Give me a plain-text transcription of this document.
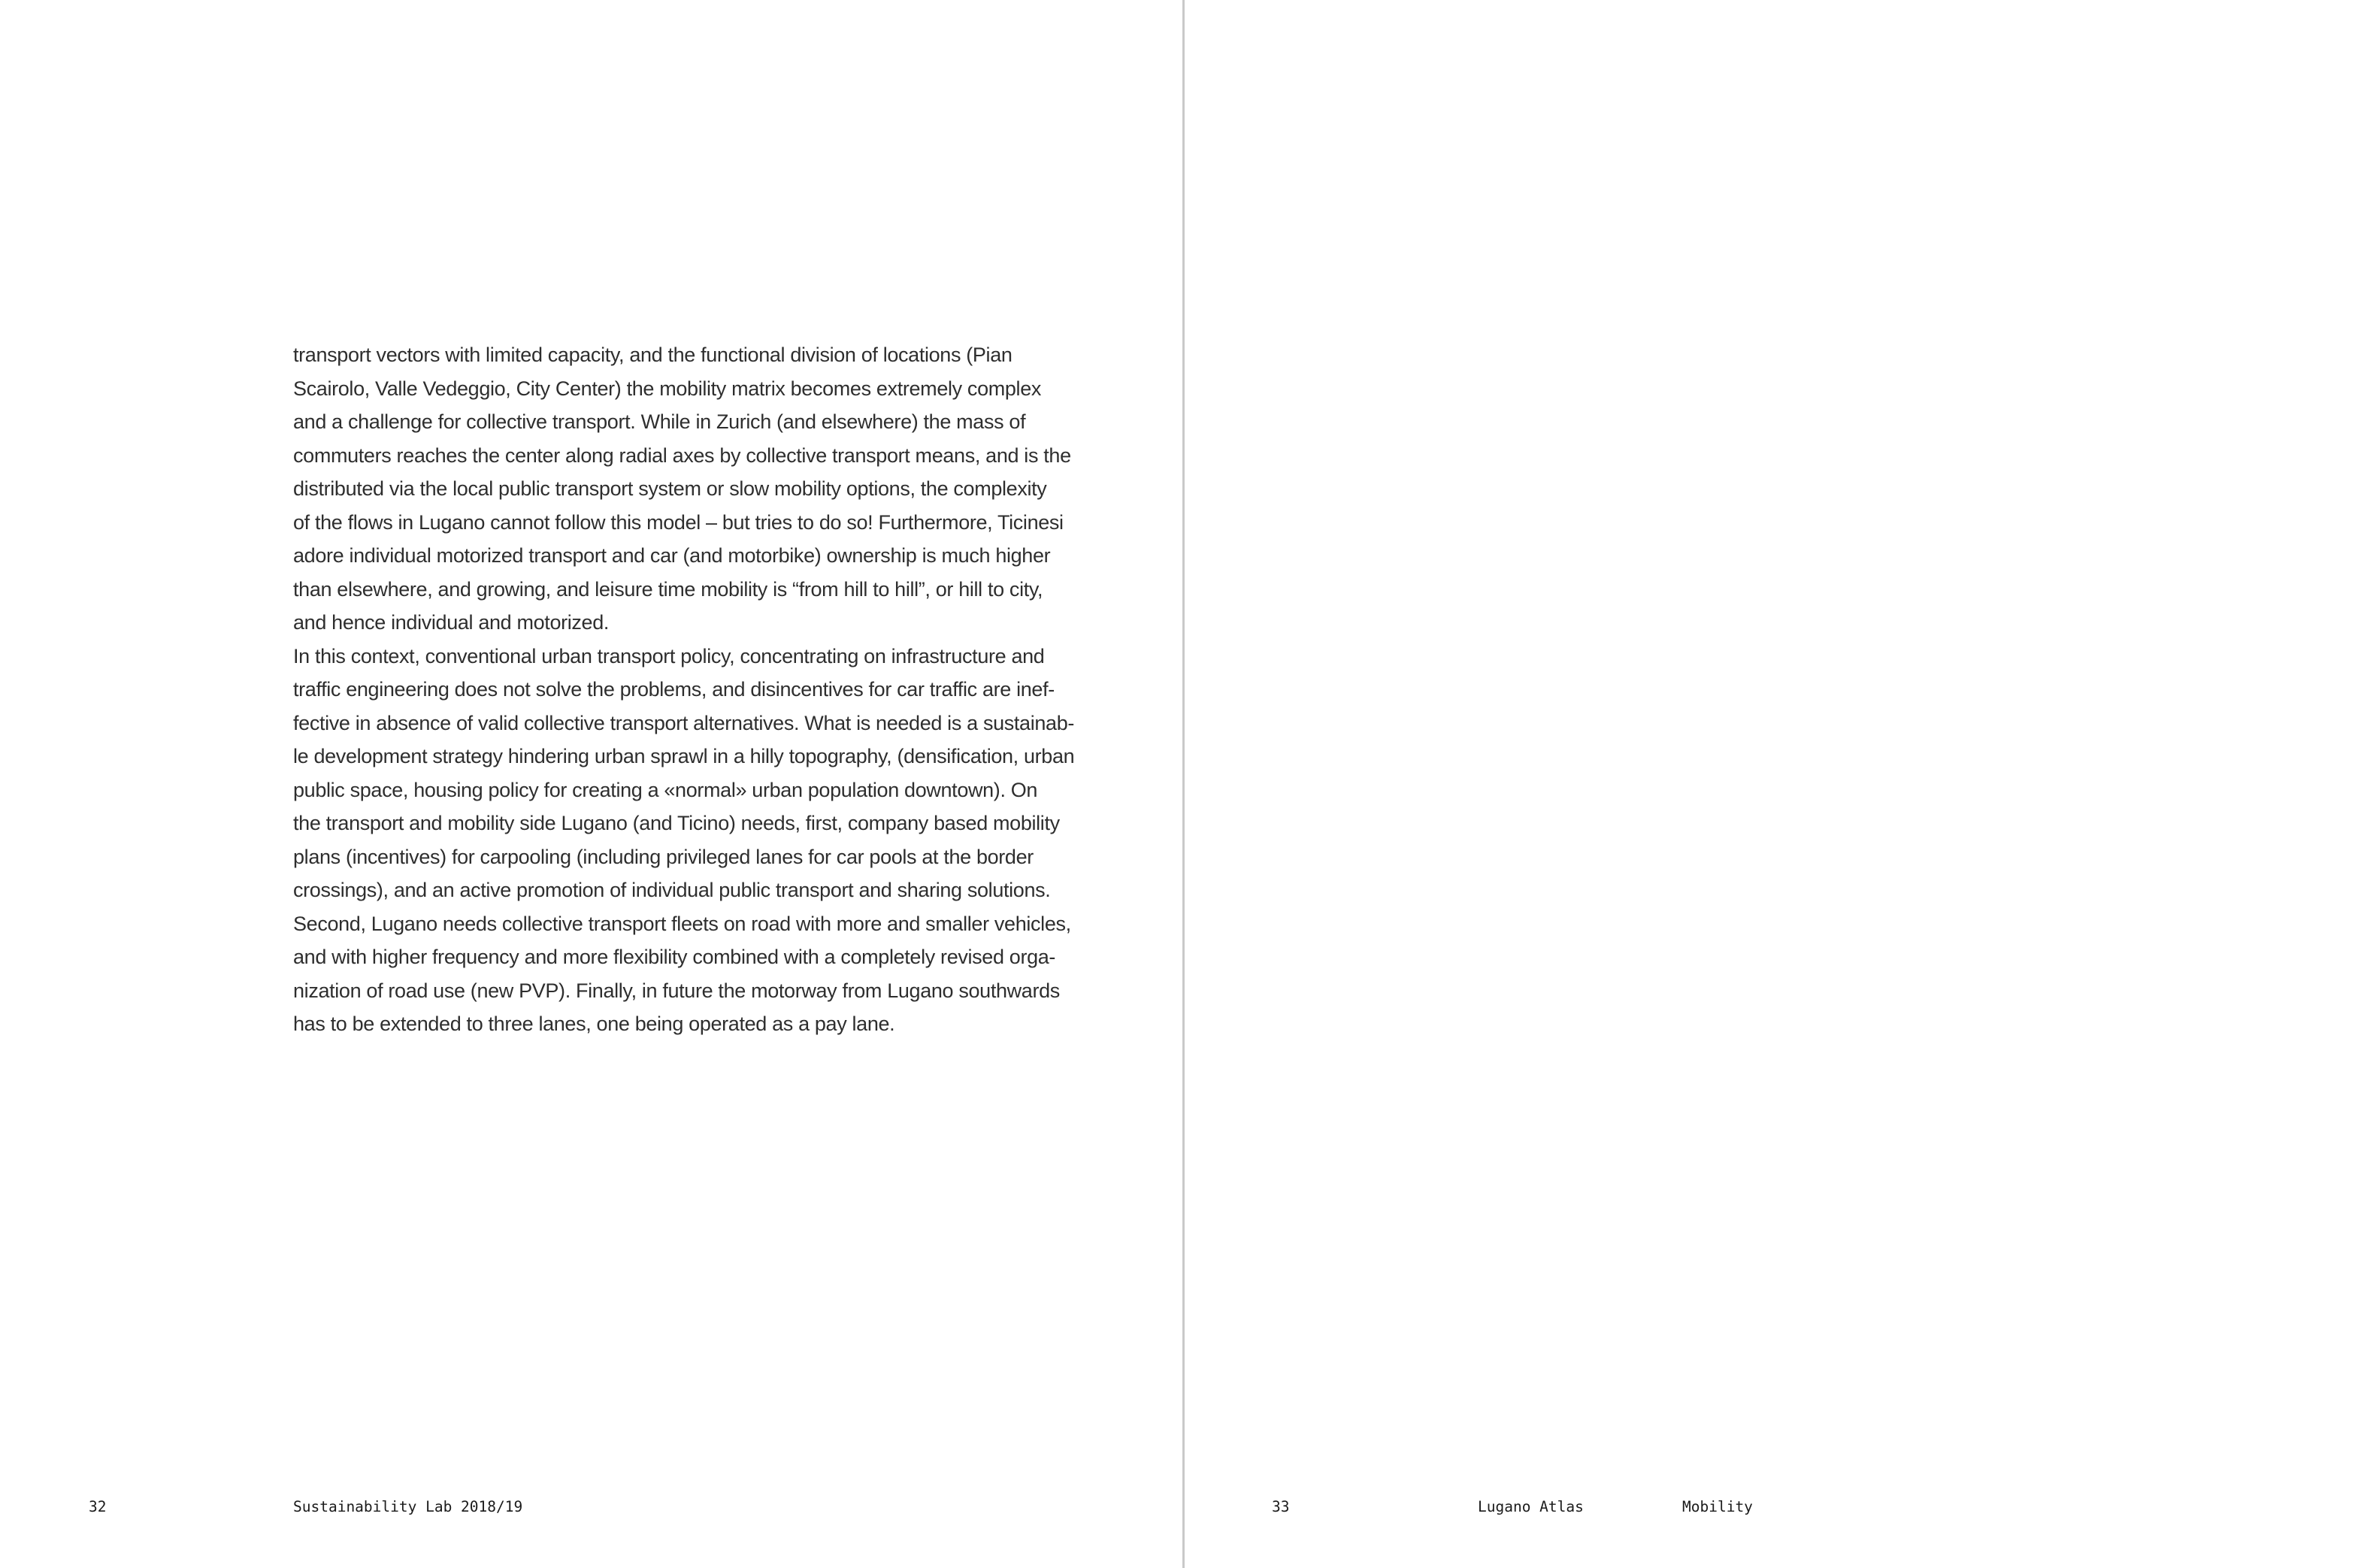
transport vectors with limited capacity, and the functional division of locations (Pian
Scairolo, Valle Vedeggio, City Center) the mobility matrix becomes extremely complex
and a challenge for collective transport. While in Zurich (and elsewhere) the mass of
commuters reaches the center along radial axes by collective transport means, and is the
distributed via the local public transport system or slow mobility options, the complexity
of the flows in Lugano cannot follow this model – but tries to do so! Furthermore, Ticinesi
adore individual motorized transport and car (and motorbike) ownership is much higher
than elsewhere, and growing, and leisure time mobility is “from hill to hill”, or hill to city,
and hence individual and motorized.

In this context, conventional urban transport policy, concentrating on infrastructure and
traffic engineering does not solve the problems, and disincentives for car traffic are inef-
fective in absence of valid collective transport alternatives. What is needed is a sustainab-
le development strategy hindering urban sprawl in a hilly topography, (densification, urban
public space, housing policy for creating a «normal» urban population downtown). On
the transport and mobility side Lugano (and Ticino) needs, first, company based mobility
plans (incentives) for carpooling (including privileged lanes for car pools at the border
crossings), and an active promotion of individual public transport and sharing solutions.
Second, Lugano needs collective transport fleets on road with more and smaller vehicles,
and with higher frequency and more flexibility combined with a completely revised orga-
nization of road use (new PVP). Finally, in future the motorway from Lugano southwards
has to be extended to three lanes, one being operated as a pay lane.

32	Sustainability Lab 2018/19	33	Lugano Atlas	Mobility
